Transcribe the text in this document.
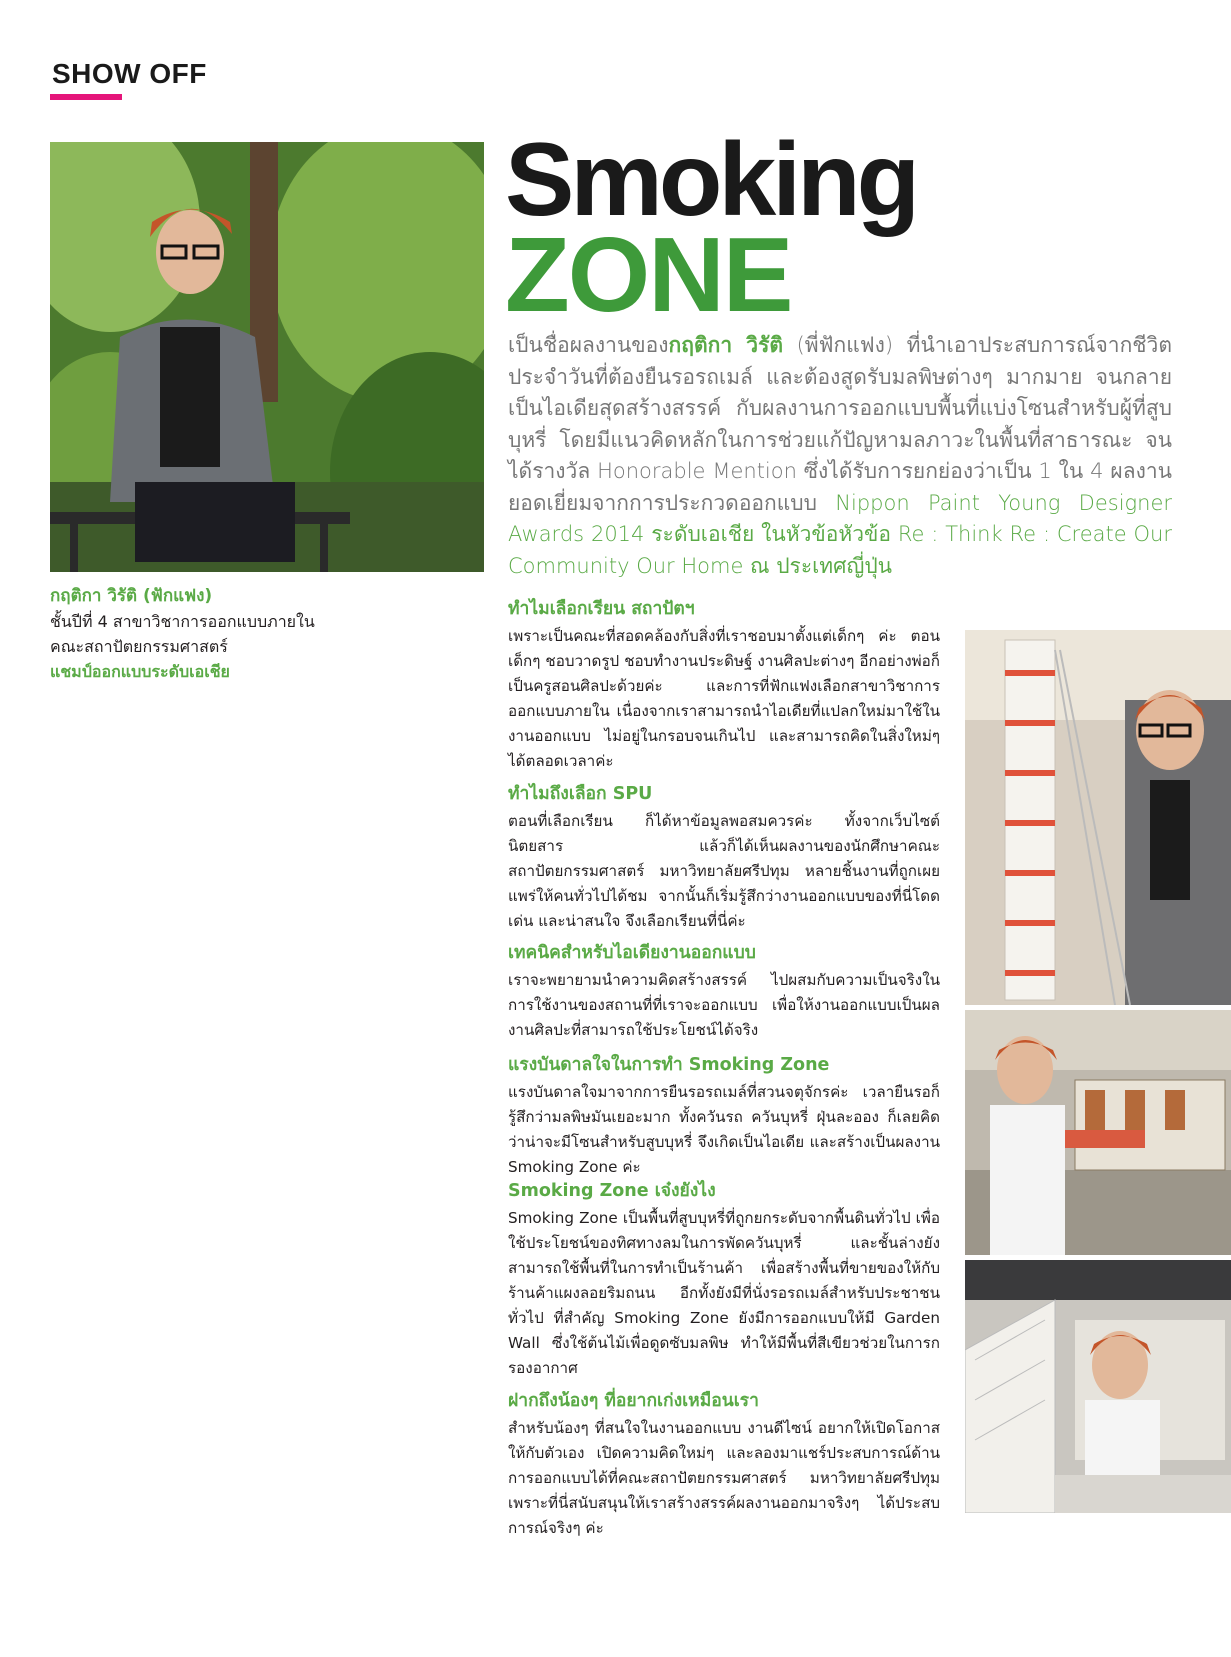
SHOW OFF
Smoking
ZONE
เป็นชื่อผลงานของกฤติกา วิรัติ (พี่ฟักแฟง) ที่นำเอาประสบการณ์จากชีวิตประจำวันที่ต้องยืนรอรถเมล์ และต้องสูดรับมลพิษต่างๆ มากมาย จนกลายเป็นไอเดียสุดสร้างสรรค์ กับผลงานการออกแบบพื้นที่แบ่งโซนสำหรับผู้ที่สูบบุหรี่ โดยมีแนวคิดหลักในการช่วยแก้ปัญหามลภาวะในพื้นที่สาธารณะ จนได้รางวัล Honorable Mention ซึ่งได้รับการยกย่องว่าเป็น 1 ใน 4 ผลงานยอดเยี่ยมจากการประกวดออกแบบ Nippon Paint Young Designer Awards 2014 ระดับเอเชีย ในหัวข้อหัวข้อ Re : Think Re : Create Our Community Our Home ณ ประเทศญี่ปุ่น
กฤติกา วิรัติ (ฟักแฟง)
ชั้นปีที่ 4 สาขาวิชาการออกแบบภายใน
คณะสถาปัตยกรรมศาสตร์
แชมป์ออกแบบระดับเอเชีย
ทำไมเลือกเรียน สถาปัตฯ

เพราะเป็นคณะที่สอดคล้องกับสิ่งที่เราชอบมาตั้งแต่เด็กๆ ค่ะ ตอนเด็กๆ ชอบวาดรูป ชอบทำงานประดิษฐ์ งานศิลปะต่างๆ อีกอย่างพ่อก็เป็นครูสอนศิลปะด้วยค่ะ และการที่ฟักแฟงเลือกสาขาวิชาการออกแบบภายใน เนื่องจากเราสามารถนำไอเดียที่แปลกใหม่มาใช้ในงานออกแบบ ไม่อยู่ในกรอบจนเกินไป และสามารถคิดในสิ่งใหม่ๆ ได้ตลอดเวลาค่ะ

ทำไมถึงเลือก SPU

ตอนที่เลือกเรียน ก็ได้หาข้อมูลพอสมควรค่ะ ทั้งจากเว็บไซต์ นิตยสาร แล้วก็ได้เห็นผลงานของนักศึกษาคณะสถาปัตยกรรมศาสตร์ มหาวิทยาลัยศรีปทุม หลายชิ้นงานที่ถูกเผยแพร่ให้คนทั่วไปได้ชม จากนั้นก็เริ่มรู้สึกว่างานออกแบบของที่นี่โดดเด่น และน่าสนใจ จึงเลือกเรียนที่นี่ค่ะ

เทคนิคสำหรับไอเดียงานออกแบบ

เราจะพยายามนำความคิดสร้างสรรค์ ไปผสมกับความเป็นจริงในการใช้งานของสถานที่ที่เราจะออกแบบ เพื่อให้งานออกแบบเป็นผลงานศิลปะที่สามารถใช้ประโยชน์ได้จริง

แรงบันดาลใจในการทำ Smoking Zone

แรงบันดาลใจมาจากการยืนรอรถเมล์ที่สวนจตุจักรค่ะ เวลายืนรอก็รู้สึกว่ามลพิษมันเยอะมาก ทั้งควันรถ ควันบุหรี่ ฝุ่นละออง ก็เลยคิดว่าน่าจะมีโซนสำหรับสูบบุหรี่ จึงเกิดเป็นไอเดีย และสร้างเป็นผลงาน Smoking Zone ค่ะ

Smoking Zone เจ๋งยังไง

Smoking Zone เป็นพื้นที่สูบบุหรี่ที่ถูกยกระดับจากพื้นดินทั่วไป เพื่อใช้ประโยชน์ของทิศทางลมในการพัดควันบุหรี่ และชั้นล่างยังสามารถใช้พื้นที่ในการทำเป็นร้านค้า เพื่อสร้างพื้นที่ขายของให้กับร้านค้าแผงลอยริมถนน อีกทั้งยังมีที่นั่งรอรถเมล์สำหรับประชาชนทั่วไป ที่สำคัญ Smoking Zone ยังมีการออกแบบให้มี Garden Wall ซึ่งใช้ต้นไม้เพื่อดูดซับมลพิษ ทำให้มีพื้นที่สีเขียวช่วยในการกรองอากาศ

ฝากถึงน้องๆ ที่อยากเก่งเหมือนเรา

สำหรับน้องๆ ที่สนใจในงานออกแบบ งานดีไซน์ อยากให้เปิดโอกาสให้กับตัวเอง เปิดความคิดใหม่ๆ และลองมาแชร์ประสบการณ์ด้านการออกแบบได้ที่คณะสถาปัตยกรรมศาสตร์ มหาวิทยาลัยศรีปทุม เพราะที่นี่สนับสนุนให้เราสร้างสรรค์ผลงานออกมาจริงๆ ได้ประสบการณ์จริงๆ ค่ะ
